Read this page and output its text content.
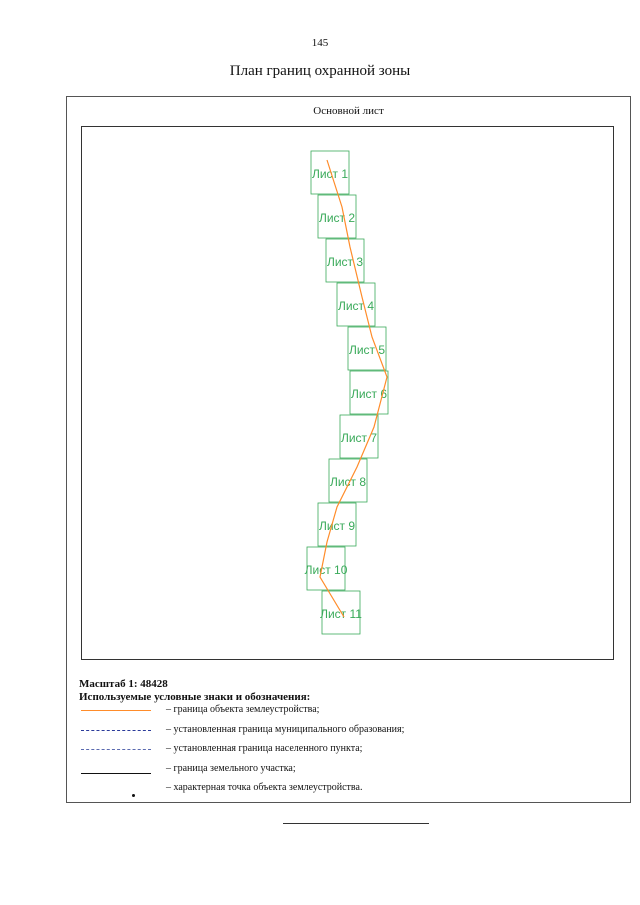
145
План границ охранной зоны
Основной лист
Лист 1
Лист 2
Лист 3
Лист 4
Лист 5
Лист 6
Лист 7
Лист 8
Лист 9
Лист 10
Лист 11
Масштаб 1: 48428
Используемые условные знаки и обозначения:
– граница объекта землеустройства;
– установленная граница муниципального образования;
– установленная граница населенного пункта;
– граница земельного участка;
– характерная точка объекта землеустройства.
